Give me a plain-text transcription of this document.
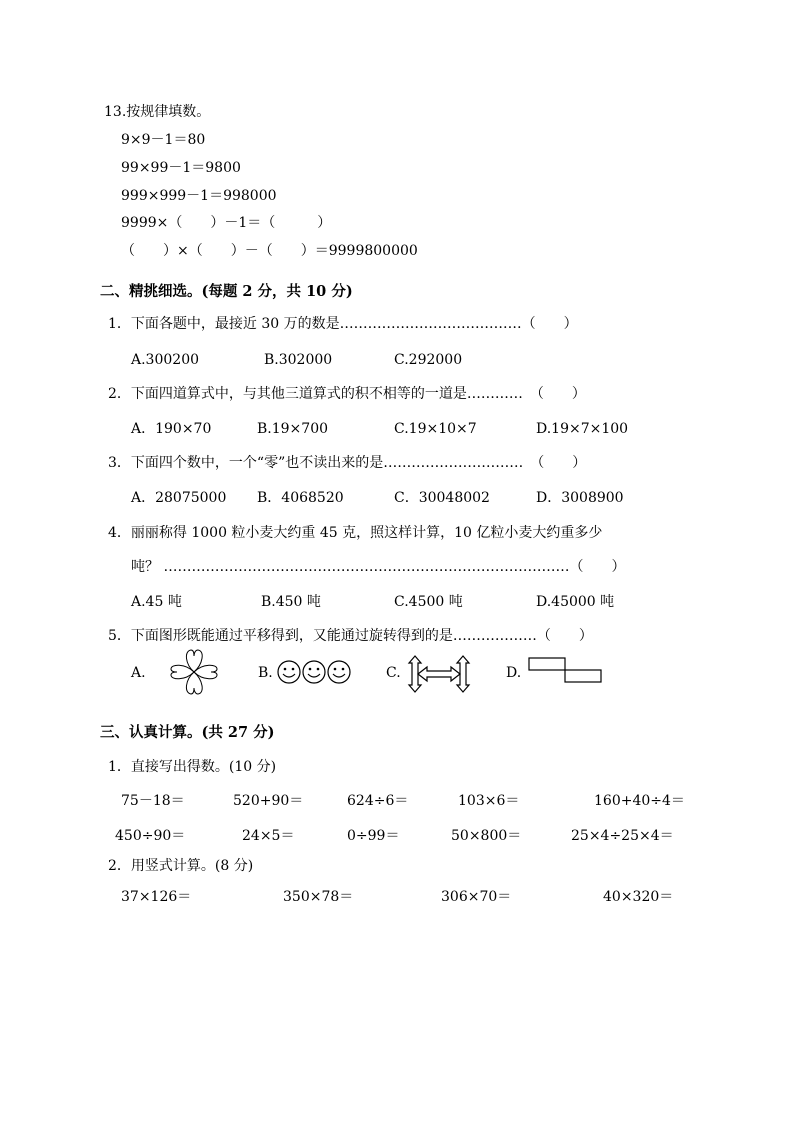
13.按规律填数。
9×9－1＝80
99×99－1＝9800
999×999－1＝998000
9999×（　　）－1＝（　　　）
（　　）×（　　）－（　　）＝9999800000
二、精挑细选。(每题 2 分，共 10 分)
1．下面各题中，最接近 30 万的数是…………………………………（　　）
A.300200	B.302000	C.292000
2．下面四道算式中，与其他三道算式的积不相等的一道是…………　（　　）
A．190×70	B.19×700	C.19×10×7	D.19×7×100
3．下面四个数中，一个“零”也不读出来的是…………………………　（　　）
A．28075000 B．4068520	C．30048002	D．3008900
4．丽丽称得 1000 粒小麦大约重 45 克，照这样计算，10 亿粒小麦大约重多少
吨？ ……………………………………………………………………………（　　）
A.45 吨	B.450 吨	C.4500 吨	D.45000 吨
5．下面图形既能通过平移得到，又能通过旋转得到的是………………（　　）
A.	B.	C.	D.
三、认真计算。(共 27 分)
1．直接写出得数。(10 分)
75－18＝	520+90＝	624÷6＝	103×6＝	160+40÷4＝
450÷90＝	24×5＝	0÷99＝	50×800＝	25×4÷25×4＝
2．用竖式计算。(8 分)
37×126＝	350×78＝	306×70＝	40×320＝
